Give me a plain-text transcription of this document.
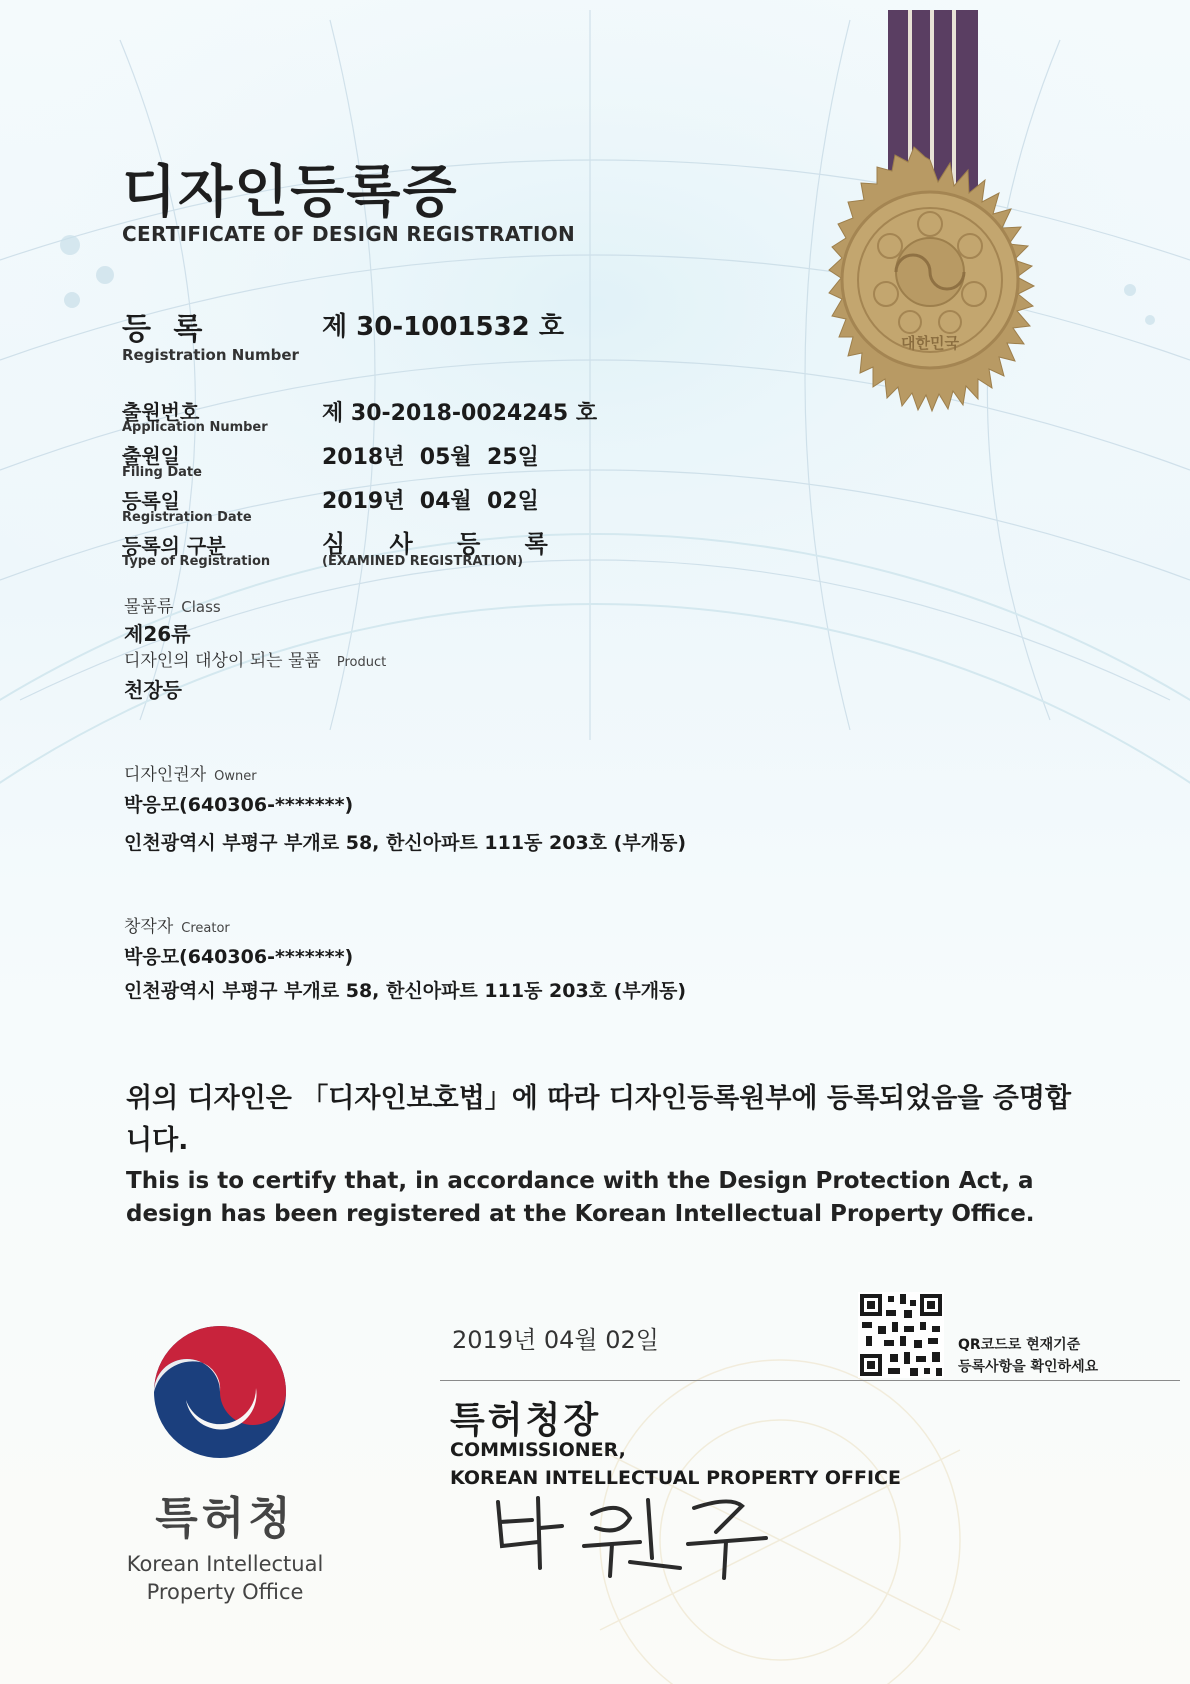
대한민국
디자인등록증
CERTIFICATE OF DESIGN REGISTRATION
등 록
Registration Number
제 30-1001532 호
출원번호
Application Number
제 30-2018-0024245 호
출원일
Filing Date
2018년  05월  25일
등록일
Registration Date
2019년  04월  02일
등록의 구분
Type of Registration
심 사 등 록
(EXAMINED REGISTRATION)
물품류 Class
제26류
디자인의 대상이 되는 물품 Product
천장등
디자인권자 Owner
박응모(640306-*******)
인천광역시 부평구 부개로 58, 한신아파트 111동 203호 (부개동)
창작자 Creator
박응모(640306-*******)
인천광역시 부평구 부개로 58, 한신아파트 111동 203호 (부개동)
위의 디자인은 「디자인보호법」에 따라 디자인등록원부에 등록되었음을 증명합니다.
This is to certify that, in accordance with the Design Protection Act, a design has been registered at the Korean Intellectual Property Office.
특허청
Korean Intellectual
Property Office
2019년 04월 02일
특허청장
COMMISSIONER,
KOREAN INTELLECTUAL PROPERTY OFFICE
QR코드로 현재기준
등록사항을 확인하세요
